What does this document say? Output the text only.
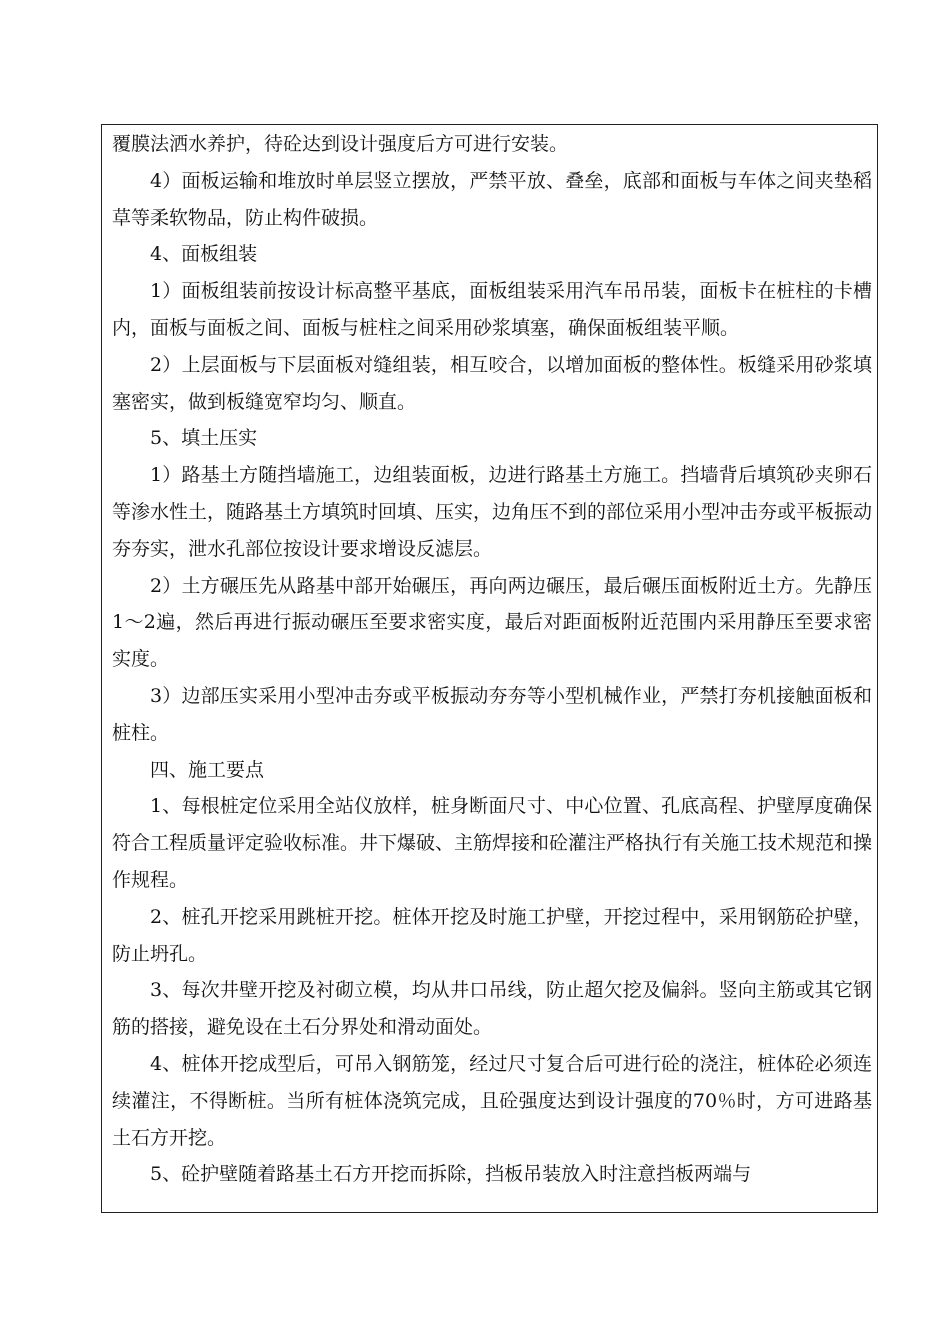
覆膜法洒水养护，待砼达到设计强度后方可进行安装。

4）面板运输和堆放时单层竖立摆放，严禁平放、叠垒，底部和面板与车体之间夹垫稻草等柔软物品，防止构件破损。

4、面板组装

1）面板组装前按设计标高整平基底，面板组装采用汽车吊吊装，面板卡在桩柱的卡槽内，面板与面板之间、面板与桩柱之间采用砂浆填塞，确保面板组装平顺。

2）上层面板与下层面板对缝组装，相互咬合，以增加面板的整体性。板缝采用砂浆填塞密实，做到板缝宽窄均匀、顺直。

5、填土压实

1）路基土方随挡墙施工，边组装面板，边进行路基土方施工。挡墙背后填筑砂夹卵石等渗水性土，随路基土方填筑时回填、压实，边角压不到的部位采用小型冲击夯或平板振动夯夯实，泄水孔部位按设计要求增设反滤层。

2）土方碾压先从路基中部开始碾压，再向两边碾压，最后碾压面板附近土方。先静压1～2遍，然后再进行振动碾压至要求密实度，最后对距面板附近范围内采用静压至要求密实度。

3）边部压实采用小型冲击夯或平板振动夯夯等小型机械作业，严禁打夯机接触面板和桩柱。

四、施工要点

1、每根桩定位采用全站仪放样，桩身断面尺寸、中心位置、孔底高程、护壁厚度确保符合工程质量评定验收标准。井下爆破、主筋焊接和砼灌注严格执行有关施工技术规范和操作规程。

2、桩孔开挖采用跳桩开挖。桩体开挖及时施工护壁，开挖过程中，采用钢筋砼护壁，防止坍孔。

3、每次井壁开挖及衬砌立模，均从井口吊线，防止超欠挖及偏斜。竖向主筋或其它钢筋的搭接，避免设在土石分界处和滑动面处。

4、桩体开挖成型后，可吊入钢筋笼，经过尺寸复合后可进行砼的浇注，桩体砼必须连续灌注，不得断桩。当所有桩体浇筑完成，且砼强度达到设计强度的70％时，方可进路基土石方开挖。

5、砼护壁随着路基土石方开挖而拆除，挡板吊装放入时注意挡板两端与
